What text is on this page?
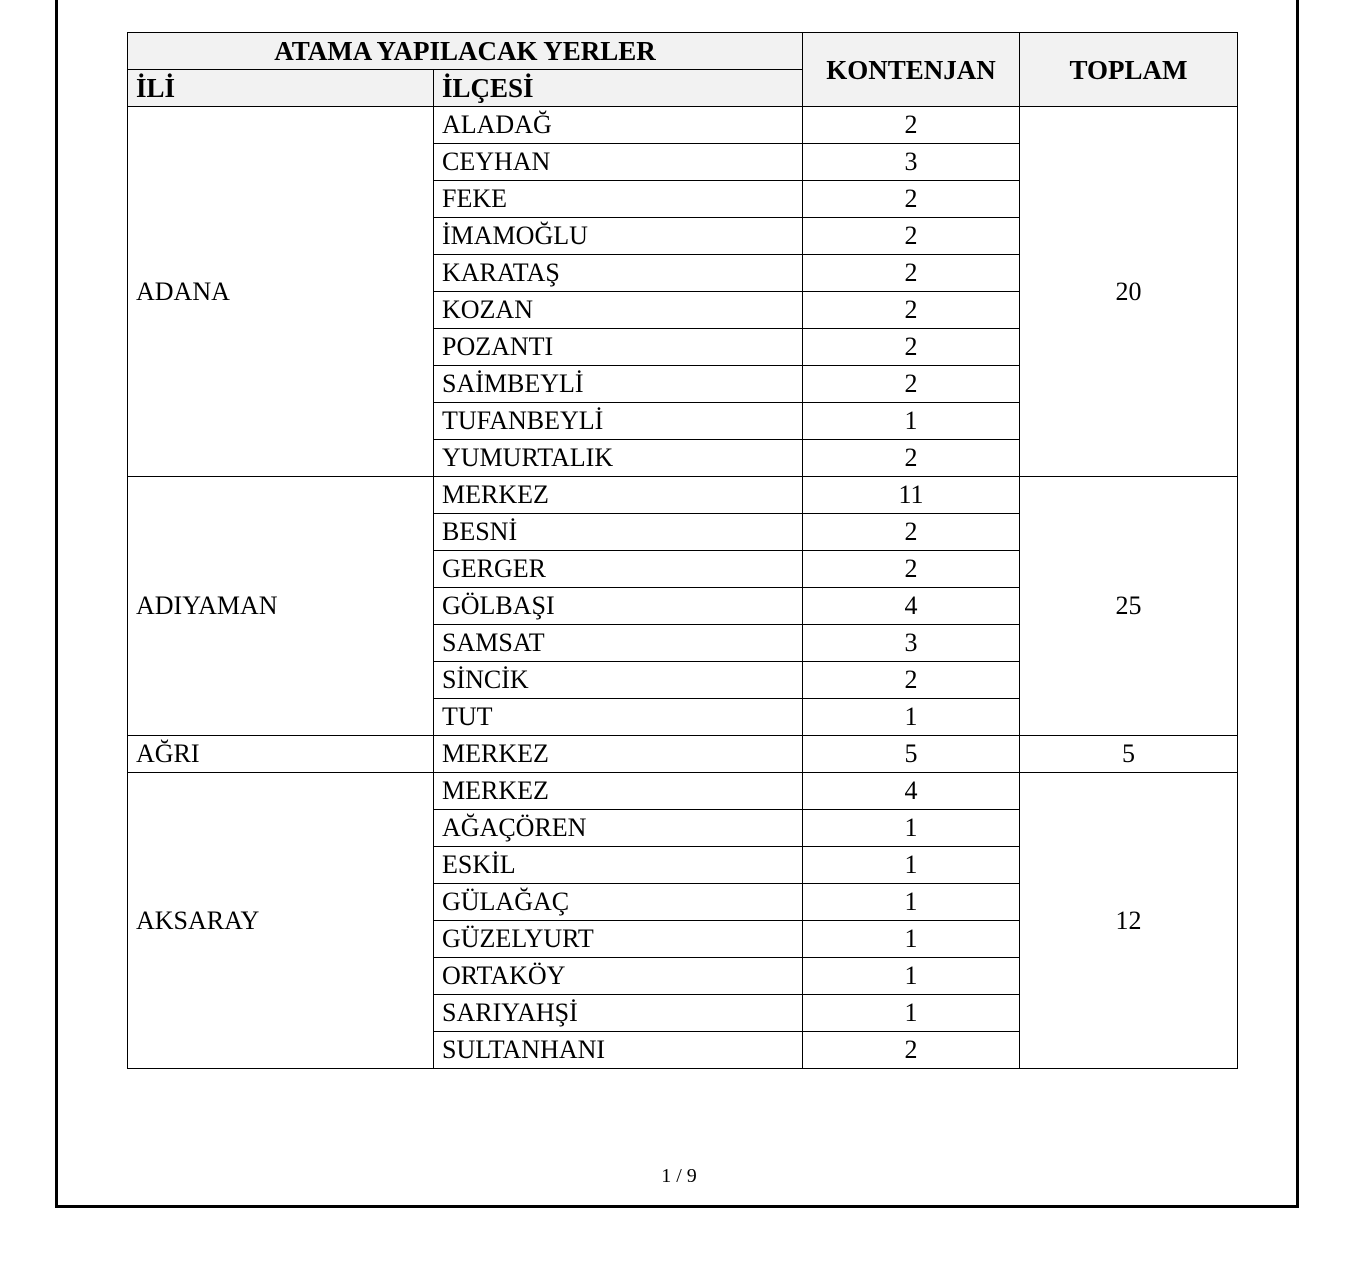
ATAMA YAPILACAK YERLER		KONTENJAN	TOPLAM
İLİ	İLÇESİ		
ADANA	ALADAĞ	2	20
	CEYHAN	3	
	FEKE	2	
	İMAMOĞLU	2	
	KARATAŞ	2	
	KOZAN	2	
	POZANTI	2	
	SAİMBEYLİ	2	
	TUFANBEYLİ	1	
	YUMURTALIK	2	
ADIYAMAN	MERKEZ	11	25
	BESNİ	2	
	GERGER	2	
	GÖLBAŞI	4	
	SAMSAT	3	
	SİNCİK	2	
	TUT	1	
AĞRI	MERKEZ	5	5
AKSARAY	MERKEZ	4	12
	AĞAÇÖREN	1	
	ESKİL	1	
	GÜLAĞAÇ	1	
	GÜZELYURT	1	
	ORTAKÖY	1	
	SARIYAHŞİ	1	
	SULTANHANI	2	
1 / 9
